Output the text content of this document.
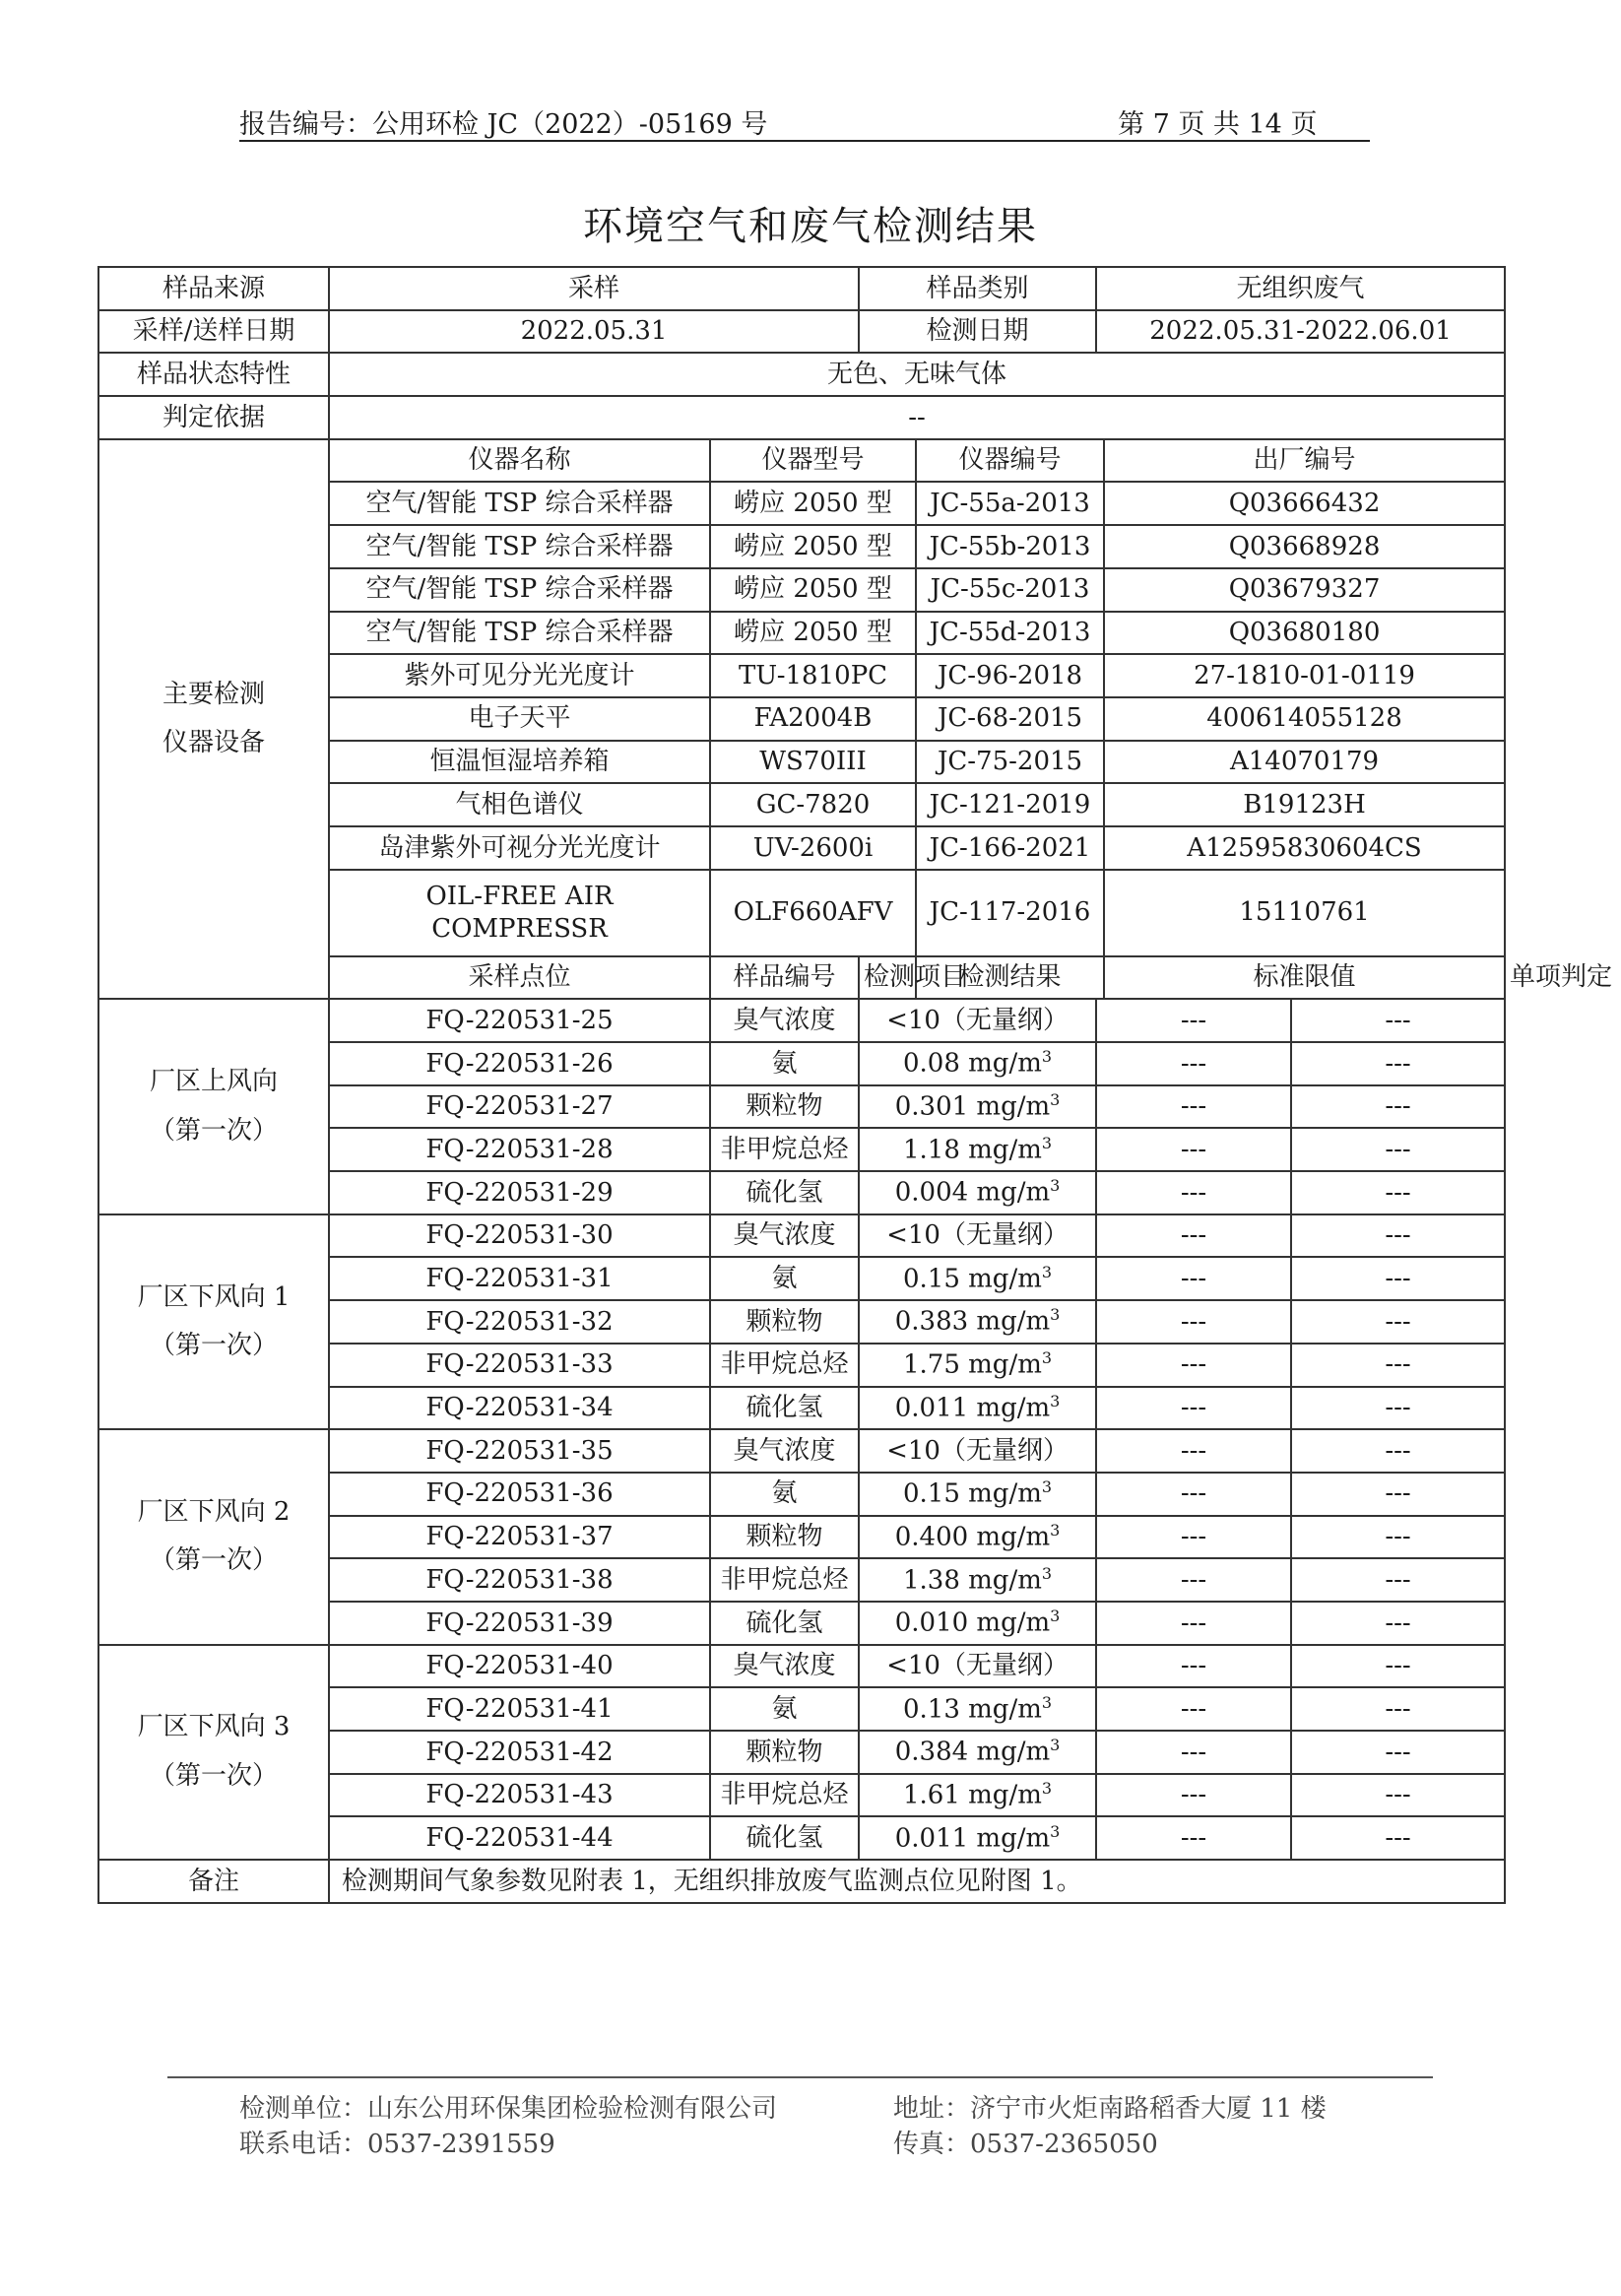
报告编号：公用环检 JC（2022）-05169 号	第 7 页 共 14 页
环境空气和废气检测结果
样品来源	采样		样品类别		无组织废气			
采样/送样日期	2022.05.31		检测日期		2022.05.31-2022.06.01			
样品状态特性	无色、无味气体							
判定依据	--							

主要检测
仪器设备	仪器名称	仪器型号		仪器编号		出厂编号		
	空气/智能 TSP 综合采样器	崂应 2050 型		JC-55a-2013		Q03666432		
	空气/智能 TSP 综合采样器	崂应 2050 型		JC-55b-2013		Q03668928		
	空气/智能 TSP 综合采样器	崂应 2050 型		JC-55c-2013		Q03679327		
	空气/智能 TSP 综合采样器	崂应 2050 型		JC-55d-2013		Q03680180		
	紫外可见分光光度计	TU-1810PC		JC-96-2018		27-1810-01-0119		
	电子天平	FA2004B		JC-68-2015		400614055128		
	恒温恒湿培养箱	WS70III		JC-75-2015		A14070179		
	气相色谱仪	GC-7820		JC-121-2019		B19123H		
	岛津紫外可视分光光度计	UV-2600i		JC-166-2021		A12595830604CS		

	OIL-FREE AIR
COMPRESSR	OLF660AFV		JC-117-2016		15110761		
	采样点位	样品编号	检测项目	检测结果		标准限值		单项判定

厂区上风向
（第一次）	FQ-220531-25	臭气浓度	<10（无量纲）		---		---	
	FQ-220531-26	氨	0.08 $mg/m^3$		---		---	
	FQ-220531-27	颗粒物	0.301 $mg/m^3$		---		---	
	FQ-220531-28	非甲烷总烃	1.18 $mg/m^3$		---		---	
	FQ-220531-29	硫化氢	0.004 $mg/m^3$		---		---	

厂区下风向 1
（第一次）	FQ-220531-30	臭气浓度	<10（无量纲）		---		---	
	FQ-220531-31	氨	0.15 $mg/m^3$		---		---	
	FQ-220531-32	颗粒物	0.383 $mg/m^3$		---		---	
	FQ-220531-33	非甲烷总烃	1.75 $mg/m^3$		---		---	
	FQ-220531-34	硫化氢	0.011 $mg/m^3$		---		---	

厂区下风向 2
（第一次）	FQ-220531-35	臭气浓度	<10（无量纲）		---		---	
	FQ-220531-36	氨	0.15 $mg/m^3$		---		---	
	FQ-220531-37	颗粒物	0.400 $mg/m^3$		---		---	
	FQ-220531-38	非甲烷总烃	1.38 $mg/m^3$		---		---	
	FQ-220531-39	硫化氢	0.010 $mg/m^3$		---		---	

厂区下风向 3
（第一次）	FQ-220531-40	臭气浓度	<10（无量纲）		---		---	
	FQ-220531-41	氨	0.13 $mg/m^3$		---		---	
	FQ-220531-42	颗粒物	0.384 $mg/m^3$		---		---	
	FQ-220531-43	非甲烷总烃	1.61 $mg/m^3$		---		---	
	FQ-220531-44	硫化氢	0.011 $mg/m^3$		---		---	
备注	检测期间气象参数见附表 1，无组织排放废气监测点位见附图 1。							
检测单位：山东公用环保集团检验检测有限公司	地址：济宁市火炬南路稻香大厦 11 楼
联系电话：0537-2391559	传真：0537-2365050
